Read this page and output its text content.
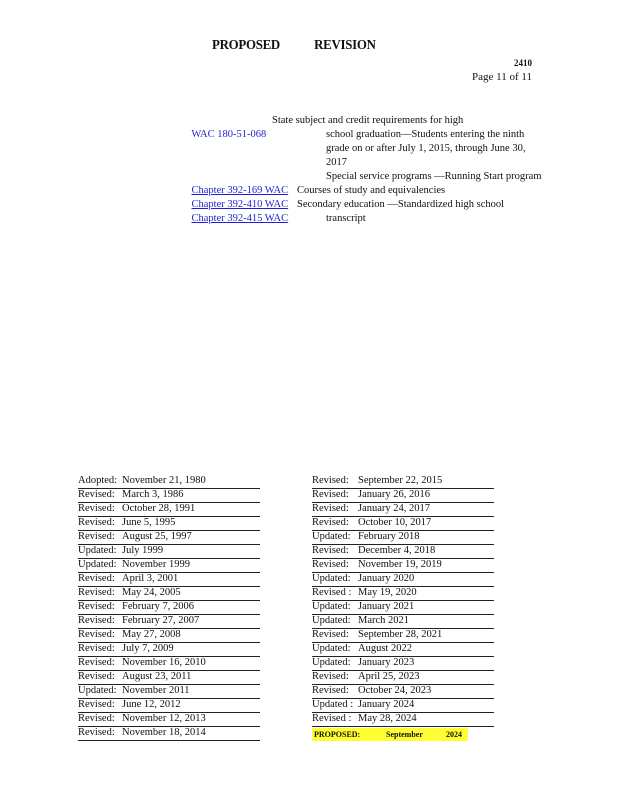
PROPOSED REVISION
2410
Page 11 of 11

WAC 180-51-068

State subject and credit requirements for high

school graduation—Students entering the ninth

grade on or after July 1, 2015, through June 30,

2017

Chapter 392-169 WAC

Special service programs —Running Start program

Chapter 392-410 WAC

Courses of study and equivalencies

Chapter 392-415 WAC

Secondary education —Standardized high school

transcript

Adopted: November 21, 1980
Revised: March 3, 1986
Revised: October 28, 1991
Revised: June 5, 1995
Revised: August 25, 1997
Updated: July 1999
Updated: November 1999
Revised: April 3, 2001
Revised: May 24, 2005
Revised: February 7, 2006
Revised: February 27, 2007
Revised: May 27, 2008
Revised: July 7, 2009
Revised: November 16, 2010
Revised: August 23, 2011
Updated: November 2011
Revised: June 12, 2012
Revised: November 12, 2013
Revised: November 18, 2014
Revised: September 22, 2015
Revised: January 26, 2016
Revised: January 24, 2017
Revised: October 10, 2017
Updated: February 2018
Revised: December 4, 2018
Revised: November 19, 2019
Updated: January 2020
Revised : May 19, 2020
Updated: January 2021
Updated: March 2021
Revised: September 28, 2021
Updated: August 2022
Updated: January 2023
Revised: April 25, 2023
Revised: October 24, 2023
Updated : January 2024
Revised : May 28, 2024
PROPOSED:	September	2024
